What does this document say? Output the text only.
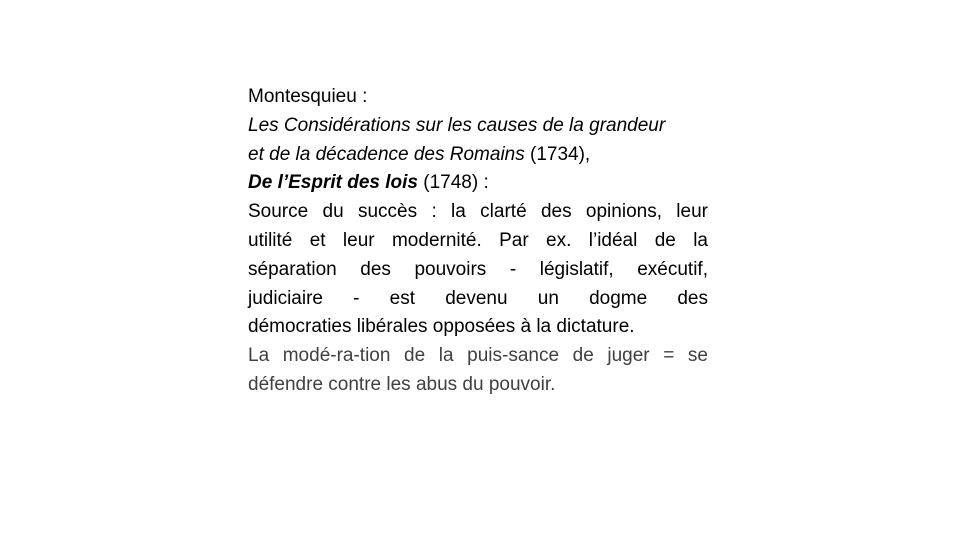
Montesquieu :
Les Considérations sur les causes de la grandeur
et de la décadence des Romains (1734),
De l’Esprit des lois (1748) :
Source du succès : la clarté des opinions, leur
utilité et leur modernité. Par ex. l’idéal de la
séparation des pouvoirs - législatif, exécutif,
judiciaire - est devenu un dogme des
démocraties libérales opposées à la dictature.
La modé-ra-tion de la puis-sance de juger = se
défendre contre les abus du pouvoir.
